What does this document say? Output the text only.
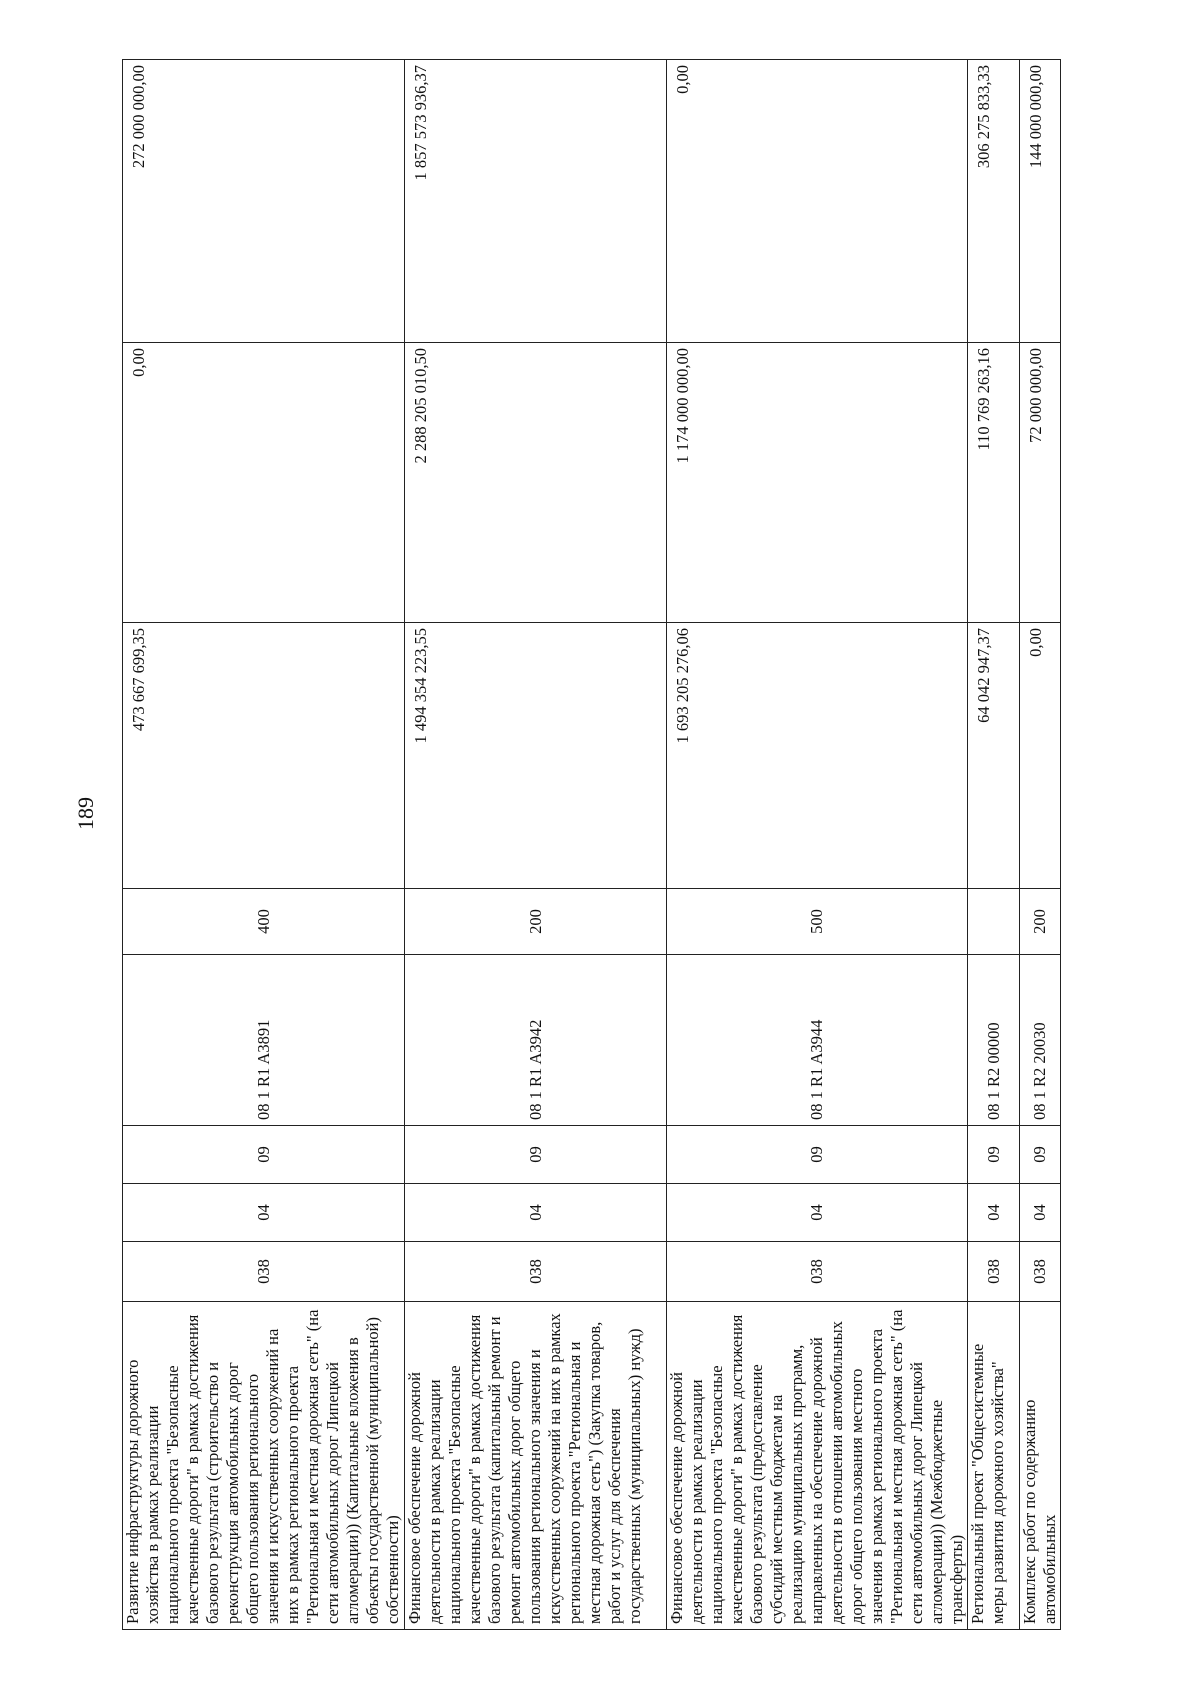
189
Развитие инфраструктуры дорожного хозяйства в рамках реализации национального проекта "Безопасные качественные дороги" в рамках достижения базового результата (строительство и реконструкция автомобильных дорог общего пользования регионального значения и искусственных сооружений на них в рамках регионального проекта "Региональная и местная дорожная сеть" (на сети автомобильных дорог Липецкой агломерации)) (Капитальные вложения в объекты государственной (муниципальной) собственности)	038	04	09	08 1 R1 A3891	400	473 667 699,35	0,00	272 000 000,00
Финансовое обеспечение дорожной деятельности в рамках реализации национального проекта "Безопасные качественные дороги" в рамках достижения базового результата (капитальный ремонт и ремонт автомобильных дорог общего пользования регионального значения и искусственных сооружений на них в рамках регионального проекта "Региональная и местная дорожная сеть") (Закупка товаров, работ и услуг для обеспечения государственных (муниципальных) нужд)	038	04	09	08 1 R1 A3942	200	1 494 354 223,55	2 288 205 010,50	1 857 573 936,37
Финансовое обеспечение дорожной деятельности в рамках реализации национального проекта "Безопасные качественные дороги" в рамках достижения базового результата (предоставление субсидий местным бюджетам на реализацию муниципальных программ, направленных на обеспечение дорожной деятельности в отношении автомобильных дорог общего пользования местного значения в рамках регионального проекта "Региональная и местная дорожная сеть" (на сети автомобильных дорог Липецкой агломерации)) (Межбюджетные трансферты)	038	04	09	08 1 R1 A3944	500	1 693 205 276,06	1 174 000 000,00	0,00
Региональный проект "Общесистемные меры развития дорожного хозяйства"	038	04	09	08 1 R2 00000		64 042 947,37	110 769 263,16	306 275 833,33
Комплекс работ по содержанию автомобильных	038	04	09	08 1 R2 20030	200	0,00	72 000 000,00	144 000 000,00
